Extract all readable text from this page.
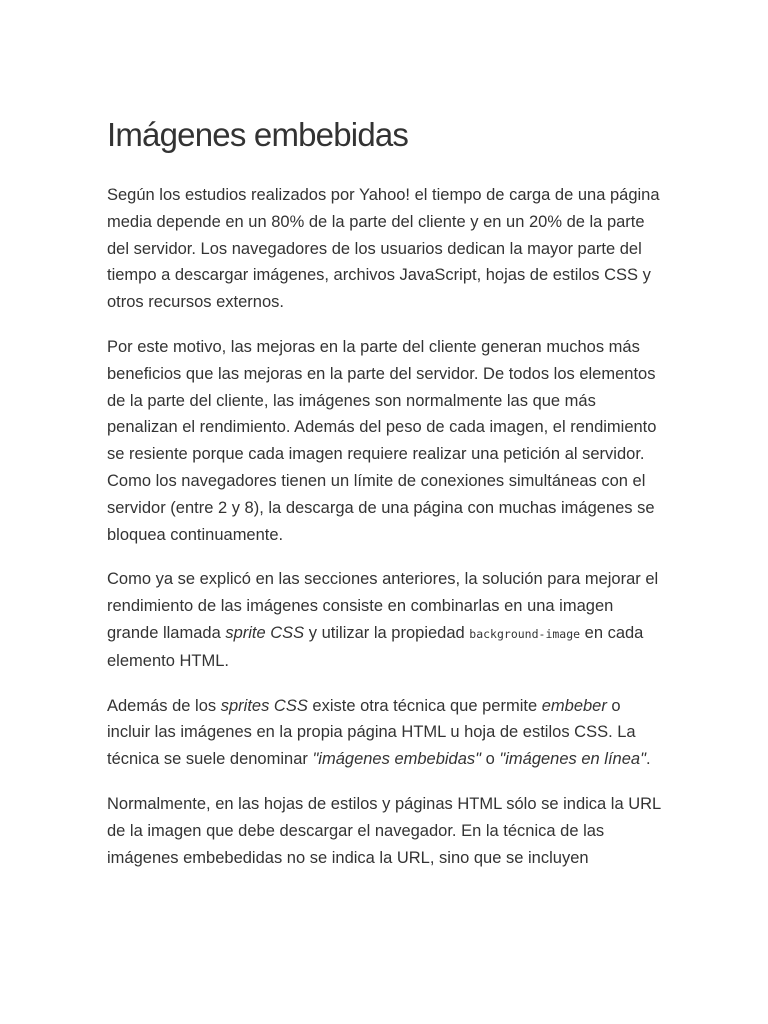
Imágenes embebidas

Según los estudios realizados por Yahoo! el tiempo de carga de una página media depende en un 80% de la parte del cliente y en un 20% de la parte del servidor. Los navegadores de los usuarios dedican la mayor parte del tiempo a descargar imágenes, archivos JavaScript, hojas de estilos CSS y otros recursos externos.

Por este motivo, las mejoras en la parte del cliente generan muchos más beneficios que las mejoras en la parte del servidor. De todos los elementos de la parte del cliente, las imágenes son normalmente las que más penalizan el rendimiento. Además del peso de cada imagen, el rendimiento se resiente porque cada imagen requiere realizar una petición al servidor. Como los navegadores tienen un límite de conexiones simultáneas con el servidor (entre 2 y 8), la descarga de una página con muchas imágenes se bloquea continuamente.

Como ya se explicó en las secciones anteriores, la solución para mejorar el rendimiento de las imágenes consiste en combinarlas en una imagen grande llamada sprite CSS y utilizar la propiedad background-image en cada elemento HTML.

Además de los sprites CSS existe otra técnica que permite embeber o incluir las imágenes en la propia página HTML u hoja de estilos CSS. La técnica se suele denominar "imágenes embebidas" o "imágenes en línea".

Normalmente, en las hojas de estilos y páginas HTML sólo se indica la URL de la imagen que debe descargar el navegador. En la técnica de las imágenes embebedidas no se indica la URL, sino que se incluyen
